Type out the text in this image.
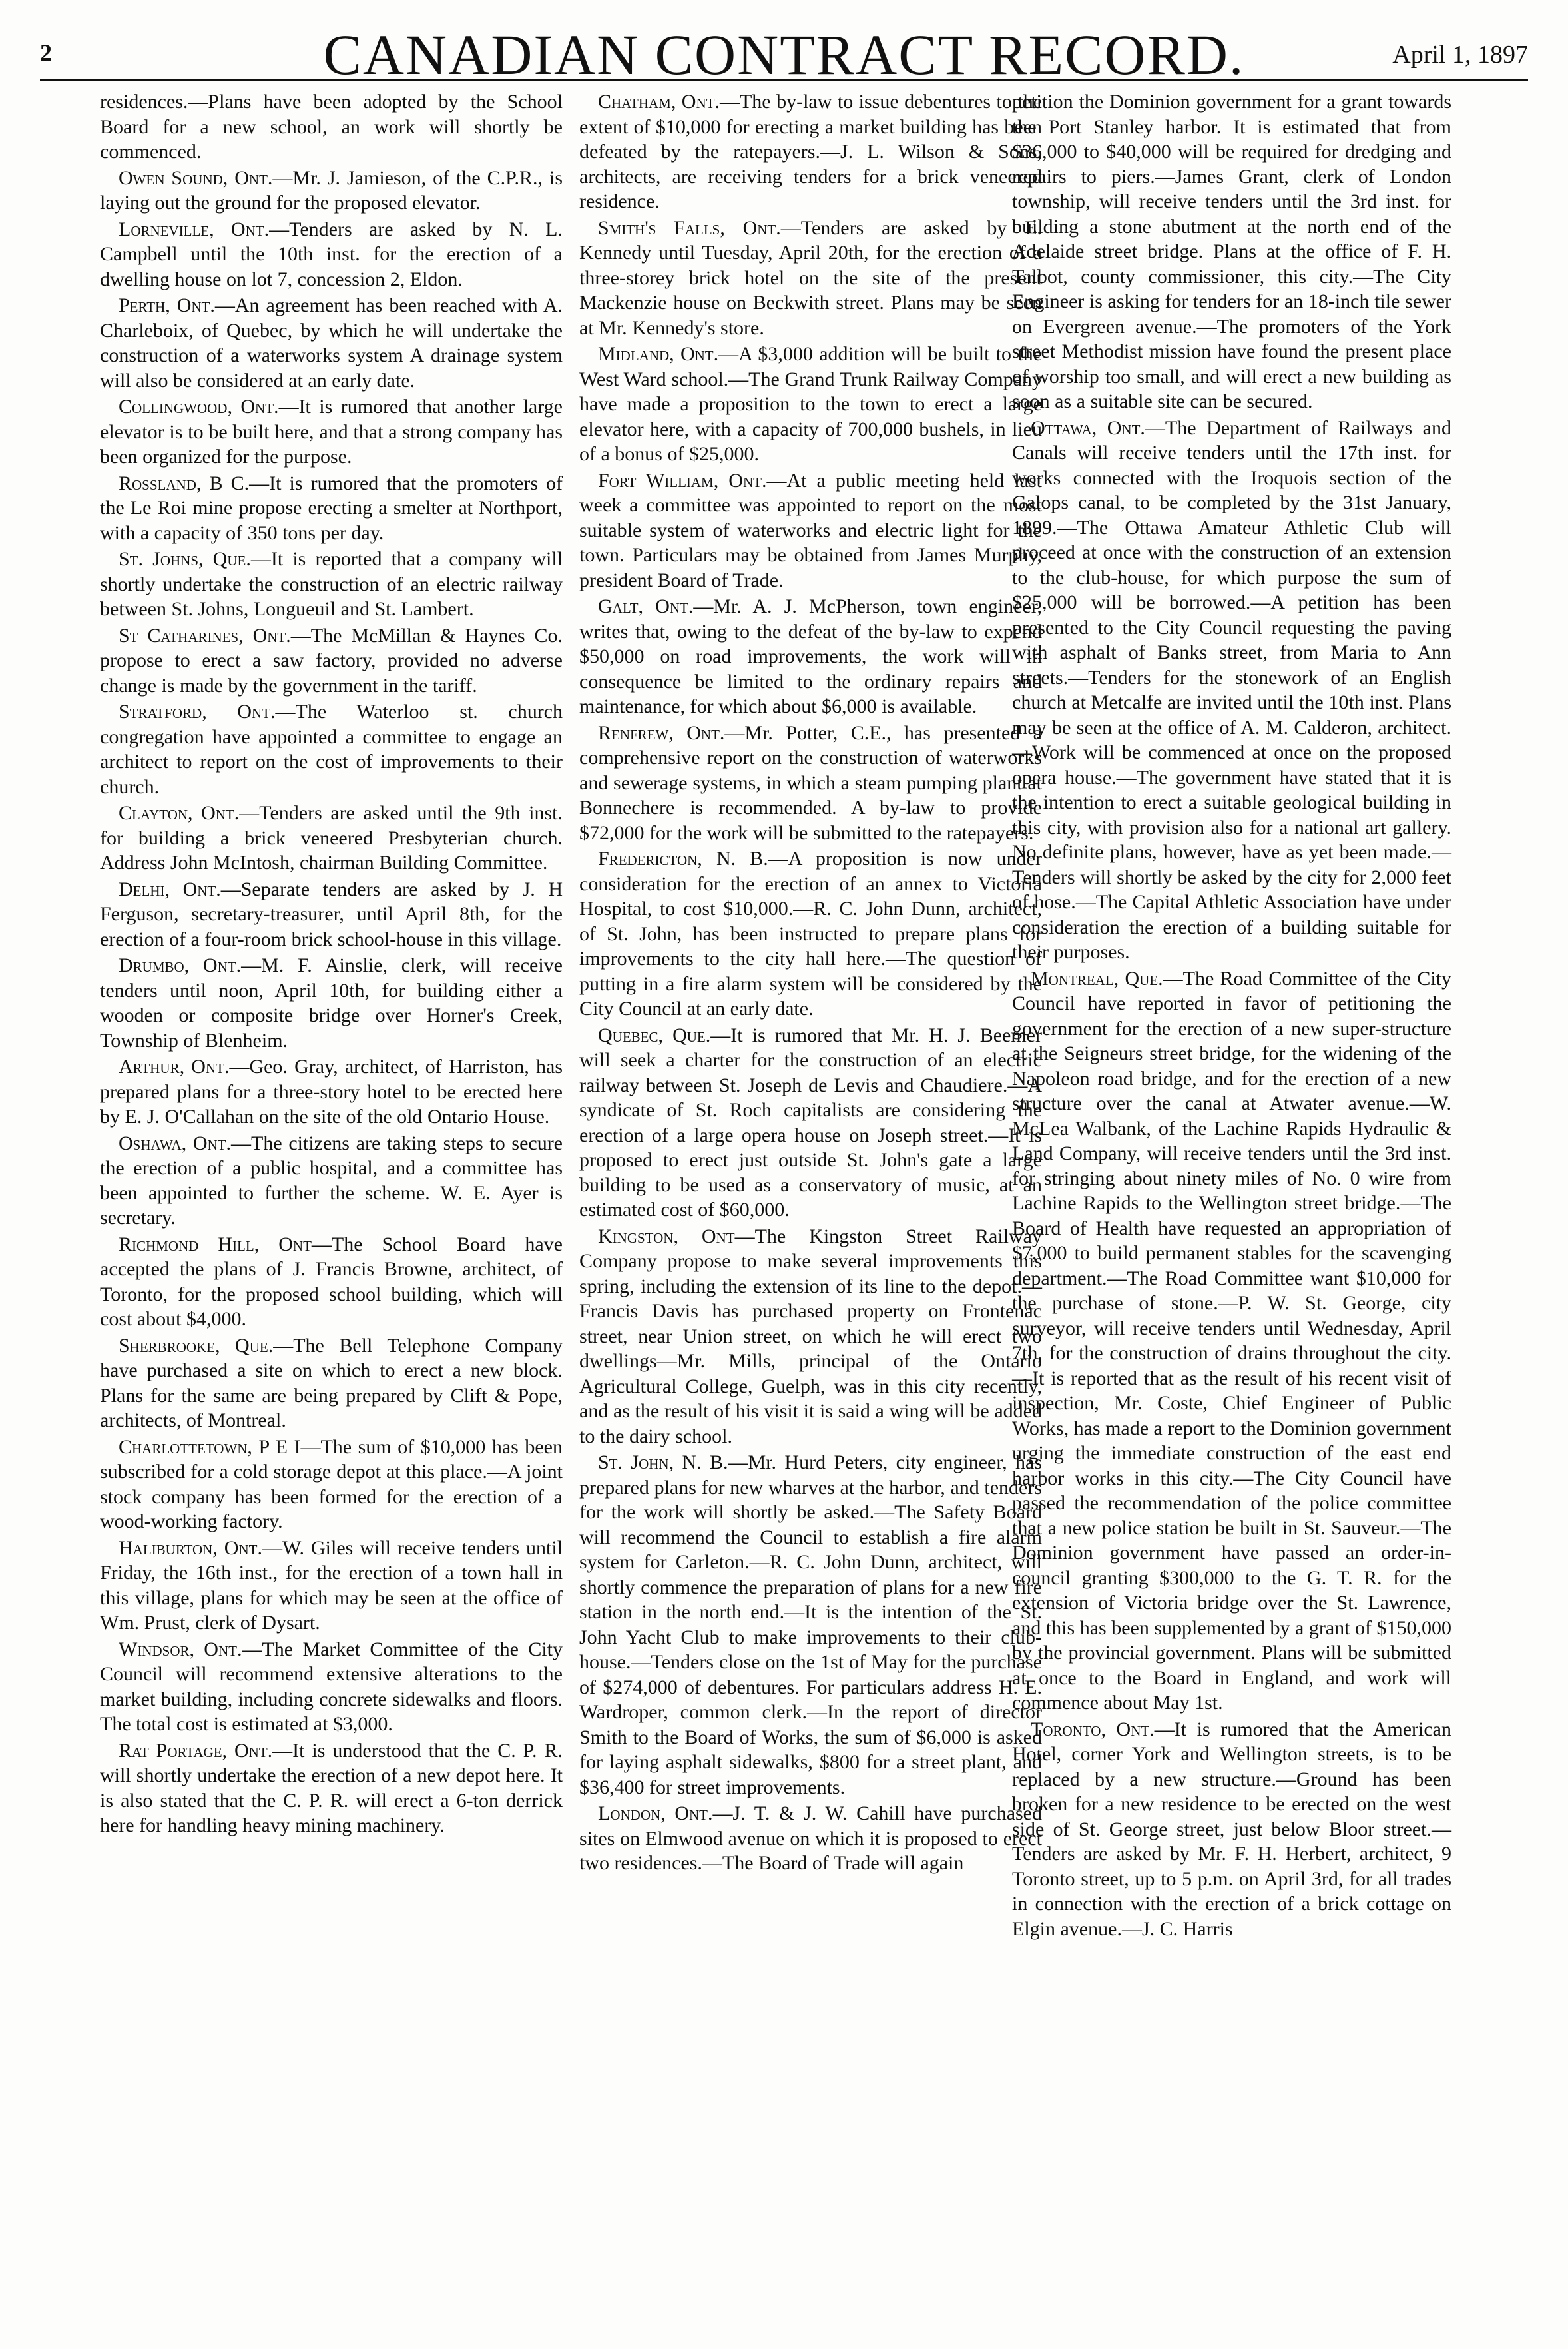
2	CANADIAN CONTRACT RECORD.	April 1, 1897

residences.—Plans have been adopted by the School Board for a new school, an work will shortly be commenced.

Owen Sound, Ont.—Mr. J. Jamieson, of the C.P.R., is laying out the ground for the proposed elevator.

Lorneville, Ont.—Tenders are asked by N. L. Campbell until the 10th inst. for the erection of a dwelling house on lot 7, concession 2, Eldon.

Perth, Ont.—An agreement has been reached with A. Charleboix, of Quebec, by which he will undertake the construction of a waterworks system A drainage system will also be considered at an early date.

Collingwood, Ont.—It is rumored that another large elevator is to be built here, and that a strong company has been organized for the purpose.

Rossland, B C.—It is rumored that the promoters of the Le Roi mine propose erecting a smelter at Northport, with a capacity of 350 tons per day.

St. Johns, Que.—It is reported that a company will shortly undertake the construction of an electric railway between St. Johns, Longueuil and St. Lambert.

St Catharines, Ont.—The McMillan & Haynes Co. propose to erect a saw factory, provided no adverse change is made by the government in the tariff.

Stratford, Ont.—The Waterloo st. church congregation have appointed a committee to engage an architect to report on the cost of improvements to their church.

Clayton, Ont.—Tenders are asked until the 9th inst. for building a brick veneered Presbyterian church. Address John McIntosh, chairman Building Committee.

Delhi, Ont.—Separate tenders are asked by J. H Ferguson, secretary-treasurer, until April 8th, for the erection of a four-room brick school-house in this village.

Drumbo, Ont.—M. F. Ainslie, clerk, will receive tenders until noon, April 10th, for building either a wooden or composite bridge over Horner's Creek, Township of Blenheim.

Arthur, Ont.—Geo. Gray, architect, of Harriston, has prepared plans for a three-story hotel to be erected here by E. J. O'Callahan on the site of the old Ontario House.

Oshawa, Ont.—The citizens are taking steps to secure the erection of a public hospital, and a committee has been appointed to further the scheme. W. E. Ayer is secretary.

Richmond Hill, Ont—The School Board have accepted the plans of J. Francis Browne, architect, of Toronto, for the proposed school building, which will cost about $4,000.

Sherbrooke, Que.—The Bell Telephone Company have purchased a site on which to erect a new block. Plans for the same are being prepared by Clift & Pope, architects, of Montreal.

Charlottetown, P E I—The sum of $10,000 has been subscribed for a cold storage depot at this place.—A joint stock company has been formed for the erection of a wood-working factory.

Haliburton, Ont.—W. Giles will receive tenders until Friday, the 16th inst., for the erection of a town hall in this village, plans for which may be seen at the office of Wm. Prust, clerk of Dysart.

Windsor, Ont.—The Market Committee of the City Council will recommend extensive alterations to the market building, including concrete sidewalks and floors. The total cost is estimated at $3,000.

Rat Portage, Ont.—It is understood that the C. P. R. will shortly undertake the erection of a new depot here. It is also stated that the C. P. R. will erect a 6-ton derrick here for handling heavy mining machinery.

Chatham, Ont.—The by-law to issue debentures to the extent of $10,000 for erecting a market building has been defeated by the ratepayers.—J. L. Wilson & Sons, architects, are receiving tenders for a brick veneered residence.

Smith's Falls, Ont.—Tenders are asked by E. Kennedy until Tuesday, April 20th, for the erection of a three-storey brick hotel on the site of the present Mackenzie house on Beckwith street. Plans may be seen at Mr. Kennedy's store.

Midland, Ont.—A $3,000 addition will be built to the West Ward school.—The Grand Trunk Railway Company have made a proposition to the town to erect a large elevator here, with a capacity of 700,000 bushels, in lieu of a bonus of $25,000.

Fort William, Ont.—At a public meeting held last week a committee was appointed to report on the most suitable system of waterworks and electric light for the town. Particulars may be obtained from James Murphy, president Board of Trade.

Galt, Ont.—Mr. A. J. McPherson, town engineer, writes that, owing to the defeat of the by-law to expend $50,000 on road improvements, the work will in consequence be limited to the ordinary repairs and maintenance, for which about $6,000 is available.

Renfrew, Ont.—Mr. Potter, C.E., has presented a comprehensive report on the construction of waterworks and sewerage systems, in which a steam pumping plant at Bonnechere is recommended. A by-law to provide $72,000 for the work will be submitted to the ratepayers.

Fredericton, N. B.—A proposition is now under consideration for the erection of an annex to Victoria Hospital, to cost $10,000.—R. C. John Dunn, architect, of St. John, has been instructed to prepare plans for improvements to the city hall here.—The question of putting in a fire alarm system will be considered by the City Council at an early date.

Quebec, Que.—It is rumored that Mr. H. J. Beemer will seek a charter for the construction of an electric railway between St. Joseph de Levis and Chaudiere.—A syndicate of St. Roch capitalists are considering the erection of a large opera house on Joseph street.—It is proposed to erect just outside St. John's gate a large building to be used as a conservatory of music, at an estimated cost of $60,000.

Kingston, Ont—The Kingston Street Railway Company propose to make several improvements this spring, including the extension of its line to the depot.—Francis Davis has purchased property on Frontenac street, near Union street, on which he will erect two dwellings—Mr. Mills, principal of the Ontario Agricultural College, Guelph, was in this city recently, and as the result of his visit it is said a wing will be added to the dairy school.

St. John, N. B.—Mr. Hurd Peters, city engineer, has prepared plans for new wharves at the harbor, and tenders for the work will shortly be asked.—The Safety Board will recommend the Council to establish a fire alarm system for Carleton.—R. C. John Dunn, architect, will shortly commence the preparation of plans for a new fire station in the north end.—It is the intention of the St. John Yacht Club to make improvements to their club-house.—Tenders close on the 1st of May for the purchase of $274,000 of debentures. For particulars address H. E. Wardroper, common clerk.—In the report of director Smith to the Board of Works, the sum of $6,000 is asked for laying asphalt sidewalks, $800 for a street plant, and $36,400 for street improvements.

London, Ont.—J. T. & J. W. Cahill have purchased sites on Elmwood avenue on which it is proposed to erect two residences.—The Board of Trade will again

petition the Dominion government for a grant towards the Port Stanley harbor. It is estimated that from $36,000 to $40,000 will be required for dredging and repairs to piers.—James Grant, clerk of London township, will receive tenders until the 3rd inst. for building a stone abutment at the north end of the Adelaide street bridge. Plans at the office of F. H. Talbot, county commissioner, this city.—The City Engineer is asking for tenders for an 18-inch tile sewer on Evergreen avenue.—The promoters of the York street Methodist mission have found the present place of worship too small, and will erect a new building as soon as a suitable site can be secured.

Ottawa, Ont.—The Department of Railways and Canals will receive tenders until the 17th inst. for works connected with the Iroquois section of the Galops canal, to be completed by the 31st January, 1899.—The Ottawa Amateur Athletic Club will proceed at once with the construction of an extension to the club-house, for which purpose the sum of $25,000 will be borrowed.—A petition has been presented to the City Council requesting the paving with asphalt of Banks street, from Maria to Ann streets.—Tenders for the stonework of an English church at Metcalfe are invited until the 10th inst. Plans may be seen at the office of A. M. Calderon, architect.—Work will be commenced at once on the proposed opera house.—The government have stated that it is the intention to erect a suitable geological building in this city, with provision also for a national art gallery. No definite plans, however, have as yet been made.—Tenders will shortly be asked by the city for 2,000 feet of hose.—The Capital Athletic Association have under consideration the erection of a building suitable for their purposes.

Montreal, Que.—The Road Committee of the City Council have reported in favor of petitioning the government for the erection of a new super-structure at the Seigneurs street bridge, for the widening of the Napoleon road bridge, and for the erection of a new structure over the canal at Atwater avenue.—W. McLea Walbank, of the Lachine Rapids Hydraulic & Land Company, will receive tenders until the 3rd inst. for stringing about ninety miles of No. 0 wire from Lachine Rapids to the Wellington street bridge.—The Board of Health have requested an appropriation of $7,000 to build permanent stables for the scavenging department.—The Road Committee want $10,000 for the purchase of stone.—P. W. St. George, city surveyor, will receive tenders until Wednesday, April 7th, for the construction of drains throughout the city.—It is reported that as the result of his recent visit of inspection, Mr. Coste, Chief Engineer of Public Works, has made a report to the Dominion government urging the immediate construction of the east end harbor works in this city.—The City Council have passed the recommendation of the police committee that a new police station be built in St. Sauveur.—The Dominion government have passed an order-in-council granting $300,000 to the G. T. R. for the extension of Victoria bridge over the St. Lawrence, and this has been supplemented by a grant of $150,000 by the provincial government. Plans will be submitted at once to the Board in England, and work will commence about May 1st.

Toronto, Ont.—It is rumored that the American Hotel, corner York and Wellington streets, is to be replaced by a new structure.—Ground has been broken for a new residence to be erected on the west side of St. George street, just below Bloor street.—Tenders are asked by Mr. F. H. Herbert, architect, 9 Toronto street, up to 5 p.m. on April 3rd, for all trades in connection with the erection of a brick cottage on Elgin avenue.—J. C. Harris
